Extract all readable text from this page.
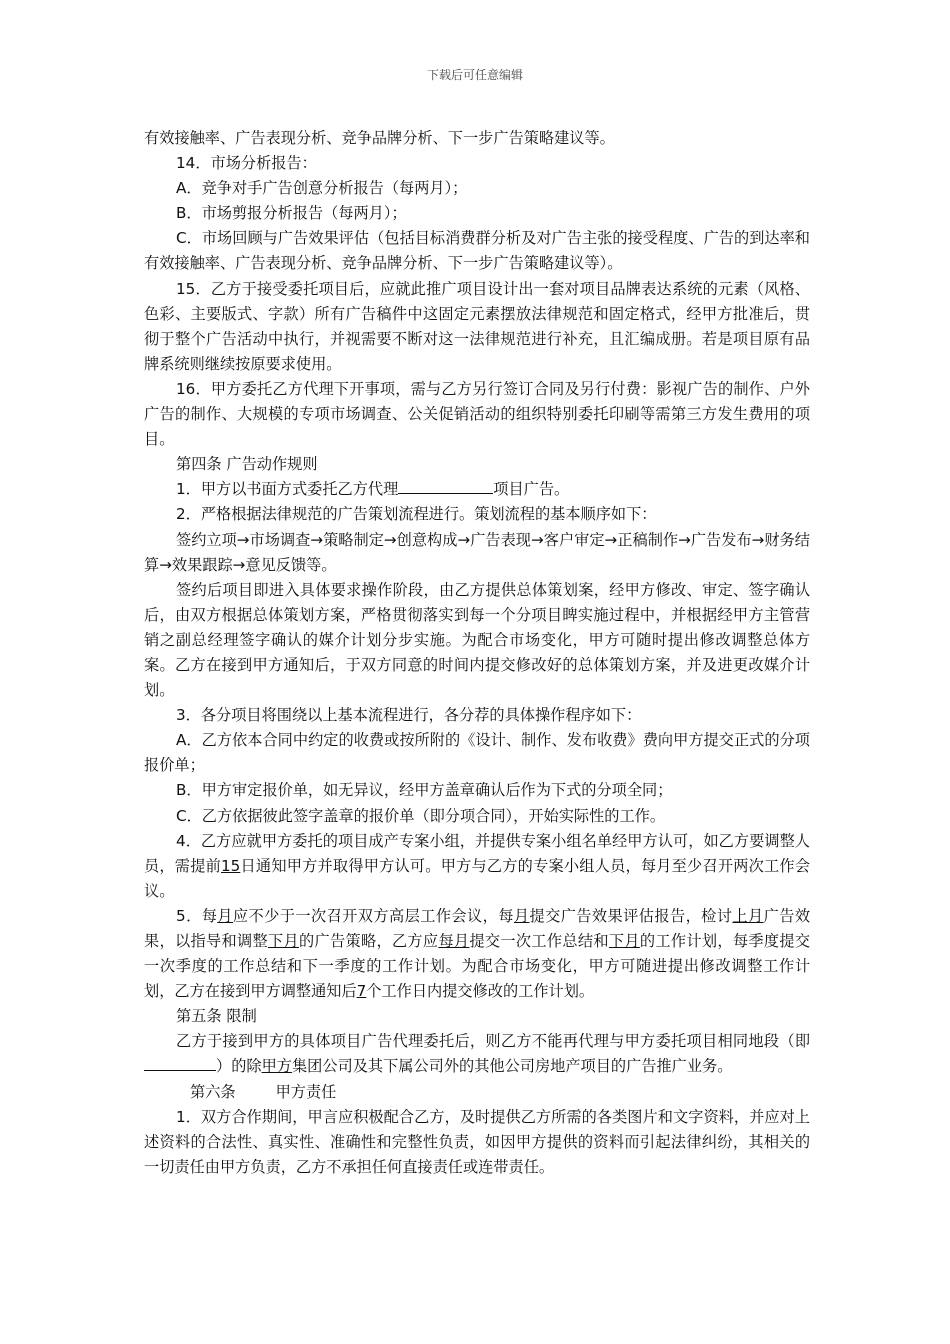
下载后可任意编辑

有效接触率、广告表现分析、竞争品牌分析、下一步广告策略建议等。

14．市场分析报告：

A．竞争对手广告创意分析报告（每两月）；

B．市场剪报分析报告（每两月）；

C．市场回顾与广告效果评估（包括目标消费群分析及对广告主张的接受程度、广告的到达率和有效接触率、广告表现分析、竞争品牌分析、下一步广告策略建议等）。

15．乙方于接受委托项目后，应就此推广项目设计出一套对项目品牌表达系统的元素（风格、色彩、主要版式、字款）所有广告稿件中这固定元素摆放法律规范和固定格式，经甲方批准后，贯彻于整个广告活动中执行，并视需要不断对这一法律规范进行补充，且汇编成册。若是项目原有品牌系统则继续按原要求使用。

16．甲方委托乙方代理下开事项，需与乙方另行签订合同及另行付费：影视广告的制作、户外广告的制作、大规模的专项市场调查、公关促销活动的组织特别委托印刷等需第三方发生费用的项目。

第四条 广告动作规则

1．甲方以书面方式委托乙方代理	项目广告。

2．严格根据法律规范的广告策划流程进行。策划流程的基本顺序如下：

签约立项→市场调查→策略制定→创意构成→广告表现→客户审定→正稿制作→广告发布→财务结算→效果跟踪→意见反馈等。

签约后项目即进入具体要求操作阶段，由乙方提供总体策划案，经甲方修改、审定、签字确认后，由双方根据总体策划方案，严格贯彻落实到每一个分项目睥实施过程中，并根据经甲方主管营销之副总经理签字确认的媒介计划分步实施。为配合市场变化，甲方可随时提出修改调整总体方案。乙方在接到甲方通知后，于双方同意的时间内提交修改好的总体策划方案，并及进更改媒介计划。

3．各分项目将围绕以上基本流程进行，各分荐的具体操作程序如下：

A．乙方依本合同中约定的收费或按所附的《设计、制作、发布收费》费向甲方提交正式的分项报价单；

B．甲方审定报价单，如无异议，经甲方盖章确认后作为下式的分项全同；

C．乙方依据彼此签字盖章的报价单（即分项合同），开始实际性的工作。

4．乙方应就甲方委托的项目成产专案小组，并提供专案小组名单经甲方认可，如乙方要调整人员，需提前15日通知甲方并取得甲方认可。甲方与乙方的专案小组人员，每月至少召开两次工作会议。

5．每月应不少于一次召开双方高层工作会议，每月提交广告效果评估报告，检讨上月广告效果，以指导和调整下月的广告策略，乙方应每月提交一次工作总结和下月的工作计划，每季度提交一次季度的工作总结和下一季度的工作计划。为配合市场变化，甲方可随进提出修改调整工作计划，乙方在接到甲方调整通知后7个工作日内提交修改的工作计划。

第五条 限制

乙方于接到甲方的具体项目广告代理委托后，则乙方不能再代理与甲方委托项目相同地段（即）的除甲方集团公司及其下属公司外的其他公司房地产项目的广告推广业务。

第六条	甲方责任

1．双方合作期间，甲言应积极配合乙方，及时提供乙方所需的各类图片和文字资料，并应对上述资料的合法性、真实性、准确性和完整性负责，如因甲方提供的资料而引起法律纠纷，其相关的一切责任由甲方负责，乙方不承担任何直接责任或连带责任。
